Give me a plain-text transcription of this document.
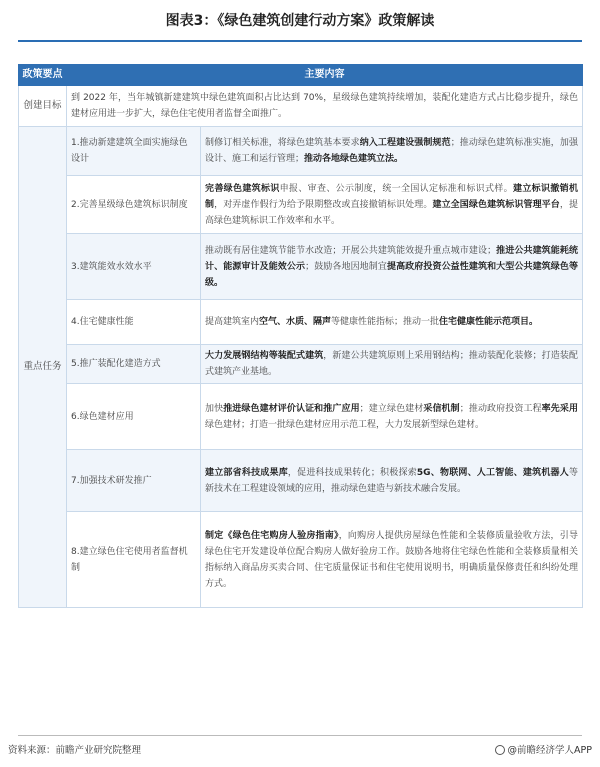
图表3：《绿色建筑创建行动方案》政策解读
政策要点	主要内容	
创建目标	到 2022 年，当年城镇新建建筑中绿色建筑面积占比达到 70%，星级绿色建筑持续增加，装配化建造方式占比稳步提升，绿色建材应用进一步扩大，绿色住宅使用者监督全面推广。	
重点任务	1.推动新建建筑全面实施绿色设计	制修订相关标准，将绿色建筑基本要求纳入工程建设强制规范；推动绿色建筑标准实施，加强设计、施工和运行管理；推动各地绿色建筑立法。
	2.完善星级绿色建筑标识制度	完善绿色建筑标识申报、审查、公示制度，统一全国认定标准和标识式样。建立标识撤销机制，对弄虚作假行为给予限期整改或直接撤销标识处理。建立全国绿色建筑标识管理平台，提高绿色建筑标识工作效率和水平。
	3.建筑能效水效水平	推动既有居住建筑节能节水改造；开展公共建筑能效提升重点城市建设；推进公共建筑能耗统计、能源审计及能效公示；鼓励各地因地制宜提高政府投资公益性建筑和大型公共建筑绿色等级。
	4.住宅健康性能	提高建筑室内空气、水质、隔声等健康性能指标；推动一批住宅健康性能示范项目。
	5.推广装配化建造方式	大力发展钢结构等装配式建筑，新建公共建筑原则上采用钢结构；推动装配化装修；打造装配式建筑产业基地。
	6.绿色建材应用	加快推进绿色建材评价认证和推广应用；建立绿色建材采信机制；推动政府投资工程率先采用绿色建材；打造一批绿色建材应用示范工程，大力发展新型绿色建材。
	7.加强技术研发推广	建立部省科技成果库，促进科技成果转化；积极探索5G、物联网、人工智能、建筑机器人等新技术在工程建设领域的应用，推动绿色建造与新技术融合发展。
	8.建立绿色住宅使用者监督机制	制定《绿色住宅购房人验房指南》，向购房人提供房屋绿色性能和全装修质量验收方法，引导绿色住宅开发建设单位配合购房人做好验房工作。鼓励各地将住宅绿色性能和全装修质量相关指标纳入商品房买卖合同、住宅质量保证书和住宅使用说明书，明确质量保修责任和纠纷处理方式。
资料来源：前瞻产业研究院整理	@前瞻经济学人APP
